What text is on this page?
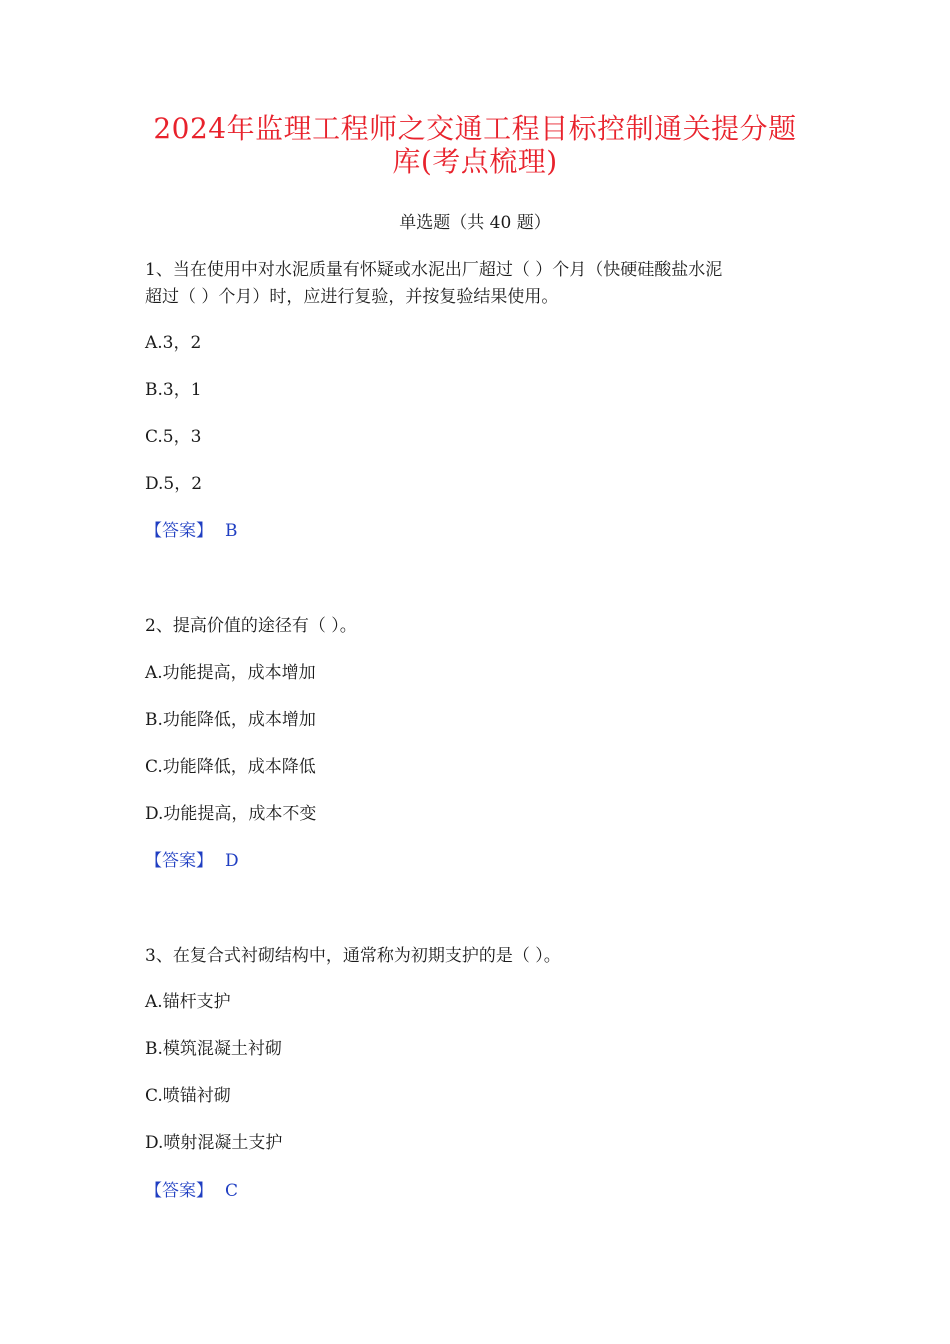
2024年监理工程师之交通工程目标控制通关提分题
库(考点梳理)
单选题（共 40 题）
1、当在使用中对水泥质量有怀疑或水泥出厂超过（ ）个月（快硬硅酸盐水泥
超过（ ）个月）时，应进行复验，并按复验结果使用。
A.3，2
B.3，1
C.5，3
D.5，2
【答案】 B
2、提高价值的途径有（ ）。
A.功能提高，成本增加
B.功能降低，成本增加
C.功能降低，成本降低
D.功能提高，成本不变
【答案】 D
3、在复合式衬砌结构中，通常称为初期支护的是（ ）。
A.锚杆支护
B.模筑混凝土衬砌
C.喷锚衬砌
D.喷射混凝土支护
【答案】 C
